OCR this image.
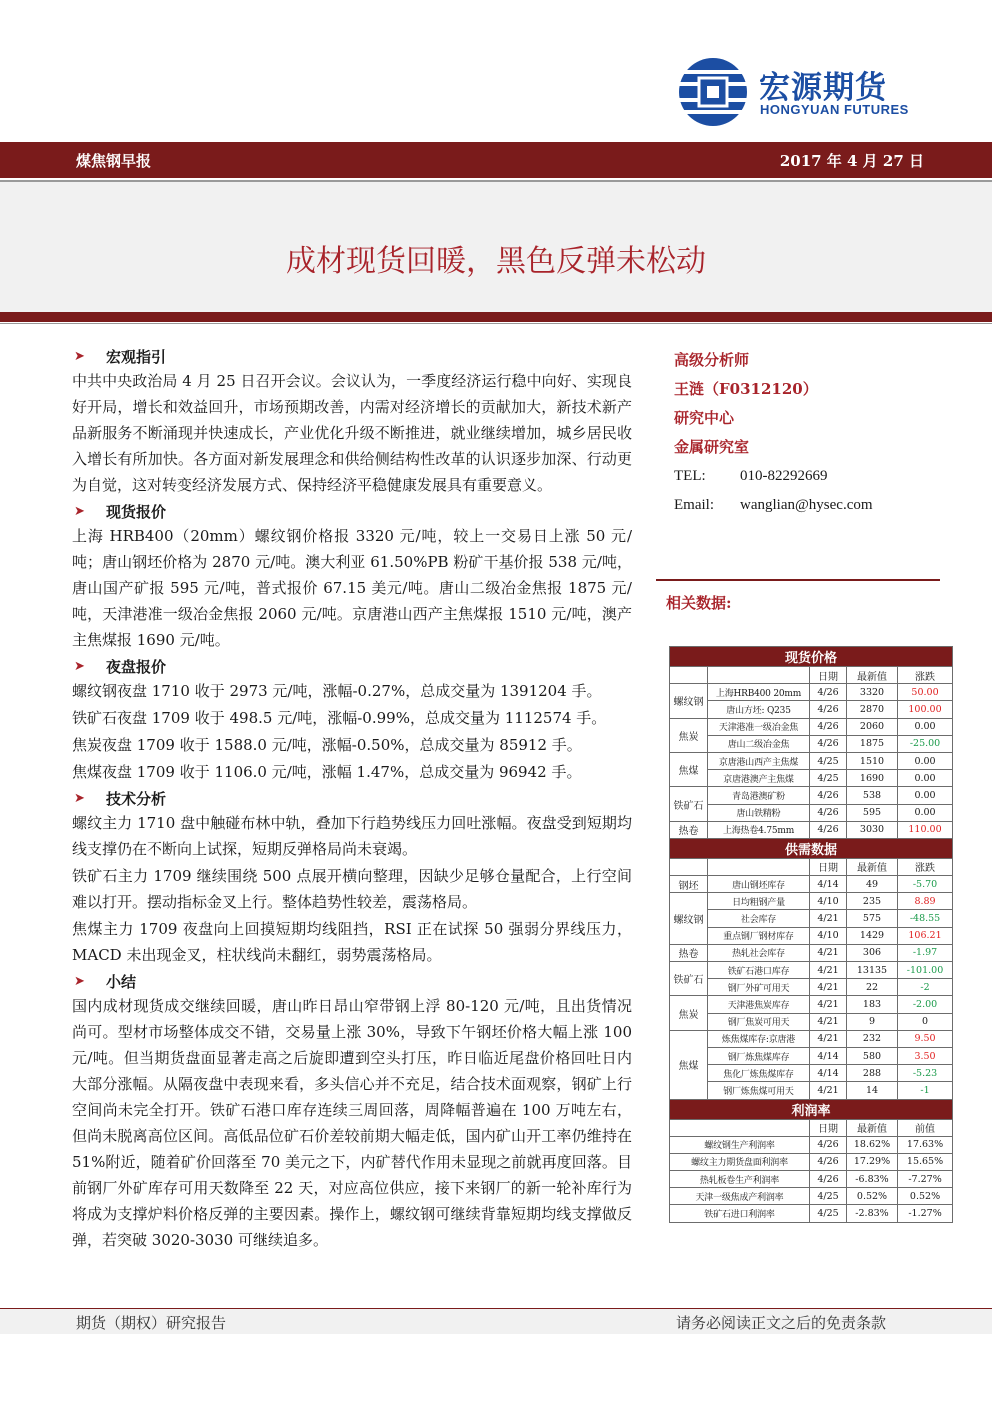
宏源期货
HONGYUAN FUTURES
煤焦钢早报	2017 年 4 月 27 日
成材现货回暖，黑色反弹未松动
➤	宏观指引

中共中央政治局 4 月 25 日召开会议。会议认为，一季度经济运行稳中向好、实现良好开局，增长和效益回升，市场预期改善，内需对经济增长的贡献加大，新技术新产品新服务不断涌现并快速成长，产业优化升级不断推进，就业继续增加，城乡居民收入增长有所加快。各方面对新发展理念和供给侧结构性改革的认识逐步加深、行动更为自觉，这对转变经济发展方式、保持经济平稳健康发展具有重要意义。

➤	现货报价

上海 HRB400（20mm）螺纹钢价格报 3320 元/吨，较上一交易日上涨 50 元/吨；唐山钢坯价格为 2870 元/吨。澳大利亚 61.50%PB 粉矿干基价报 538 元/吨，唐山国产矿报 595 元/吨，普式报价 67.15 美元/吨。唐山二级冶金焦报 1875 元/吨，天津港准一级冶金焦报 2060 元/吨。京唐港山西产主焦煤报 1510 元/吨，澳产主焦煤报 1690 元/吨。

➤	夜盘报价

螺纹钢夜盘 1710 收于 2973 元/吨，涨幅-0.27%，总成交量为 1391204 手。

铁矿石夜盘 1709 收于 498.5 元/吨，涨幅-0.99%，总成交量为 1112574 手。

焦炭夜盘 1709 收于 1588.0 元/吨，涨幅-0.50%，总成交量为 85912 手。

焦煤夜盘 1709 收于 1106.0 元/吨，涨幅 1.47%，总成交量为 96942 手。

➤	技术分析

螺纹主力 1710 盘中触碰布林中轨，叠加下行趋势线压力回吐涨幅。夜盘受到短期均线支撑仍在不断向上试探，短期反弹格局尚未衰竭。

铁矿石主力 1709 继续围绕 500 点展开横向整理，因缺少足够仓量配合，上行空间难以打开。摆动指标金叉上行。整体趋势性较差，震荡格局。

焦煤主力 1709 夜盘向上回摸短期均线阻挡，RSI 正在试探 50 强弱分界线压力，MACD 未出现金叉，柱状线尚未翻红，弱势震荡格局。

➤	小结

国内成材现货成交继续回暖，唐山昨日昂山窄带钢上浮 80-120 元/吨，且出货情况尚可。型材市场整体成交不错，交易量上涨 30%，导致下午钢坯价格大幅上涨 100 元/吨。但当期货盘面显著走高之后旋即遭到空头打压，昨日临近尾盘价格回吐日内大部分涨幅。从隔夜盘中表现来看，多头信心并不充足，结合技术面观察，钢矿上行空间尚未完全打开。铁矿石港口库存连续三周回落，周降幅普遍在 100 万吨左右，但尚未脱离高位区间。高低品位矿石价差较前期大幅走低，国内矿山开工率仍维持在 51%附近，随着矿价回落至 70 美元之下，内矿替代作用未显现之前就再度回落。目前钢厂外矿库存可用天数降至 22 天，对应高位供应，接下来钢厂的新一轮补库行为将成为支撑炉料价格反弹的主要因素。操作上，螺纹钢可继续背靠短期均线支撑做反弹，若突破 3020-3030 可继续追多。

高级分析师
王涟（F0312120）
研究中心
金属研究室
TEL:	010-82292669
Email:	wanglian@hysec.com
相关数据:
现货价格				
		日期	最新值	涨跌
螺纹钢	上海HRB400 20mm	4/26	3320	50.00
	唐山方坯: Q235	4/26	2870	100.00
焦炭	天津港准一级冶金焦	4/26	2060	0.00
	唐山二级冶金焦	4/26	1875	-25.00
焦煤	京唐港山西产主焦煤	4/25	1510	0.00
	京唐港澳产主焦煤	4/25	1690	0.00
铁矿石	青岛港澳矿粉	4/26	538	0.00
	唐山铁精粉	4/26	595	0.00
热卷	上海热卷4.75mm	4/26	3030	110.00
供需数据				
		日期	最新值	涨跌
钢坯	唐山钢坯库存	4/14	49	-5.70
螺纹钢	日均粗钢产量	4/10	235	8.89
	社会库存	4/21	575	-48.55
	重点钢厂钢材库存	4/10	1429	106.21
热卷	热轧社会库存	4/21	306	-1.97
铁矿石	铁矿石港口库存	4/21	13135	-101.00
	钢厂外矿可用天	4/21	22	-2
焦炭	天津港焦炭库存	4/21	183	-2.00
	钢厂焦炭可用天	4/21	9	0
焦煤	炼焦煤库存:京唐港	4/21	232	9.50
	钢厂炼焦煤库存	4/14	580	3.50
	焦化厂炼焦煤库存	4/14	288	-5.23
	钢厂炼焦煤可用天	4/21	14	-1
利润率				
		日期	最新值	前值
螺纹钢生产利润率		4/26	18.62%	17.63%
螺纹主力期货盘面利润率		4/26	17.29%	15.65%
热轧板卷生产利润率		4/26	-6.83%	-7.27%
天津一级焦成产利润率		4/25	0.52%	0.52%
铁矿石进口利润率		4/25	-2.83%	-1.27%
期货（期权）研究报告	请务必阅读正文之后的免责条款
